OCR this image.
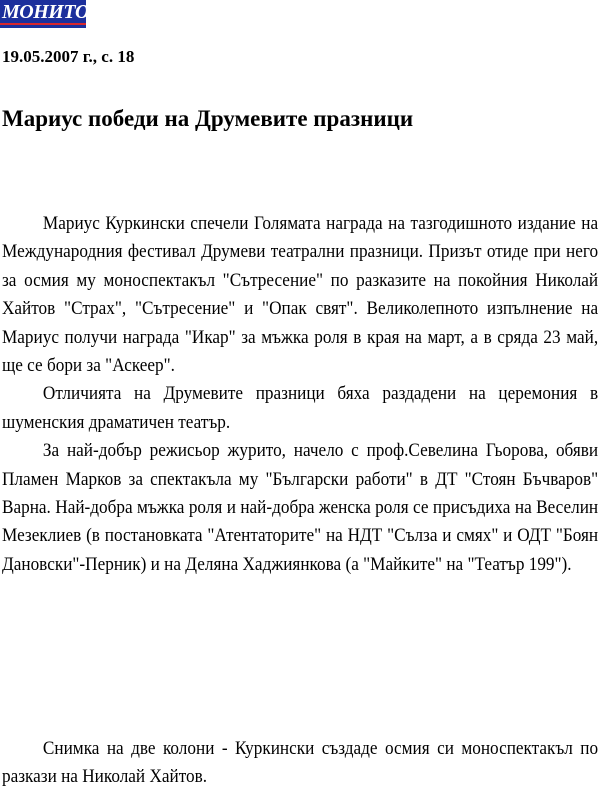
МОНИТОР
19.05.2007 г., с. 18
Мариус победи на Друмевите празници

Мариус Куркински спечели Голямата награда на тазгодишното издание на Международния фестивал Друмеви театрални празници. Призът отиде при него за осмия му моноспектакъл "Сътресение" по разказите на покойния Николай Хайтов "Страх", "Сътресение" и "Опак свят". Великолепното изпълнение на Мариус получи награда "Икар" за мъжка роля в края на март, а в сряда 23 май, ще се бори за "Аскеер".

Отличията на Друмевите празници бяха раздадени на церемония в шуменския драматичен театър.

За най-добър режисьор журито, начело с проф.Севелина Гьорова, обяви Пламен Марков за спектакъла му "Български работи" в ДТ "Стоян Бъчваров" Варна. Най-добра мъжка роля и най-добра женска роля се присъдиха на Веселин Мезеклиев (в постановката "Атентаторите" на НДТ "Сълза и смях" и ОДТ "Боян Дановски"-Перник) и на Деляна Хаджиянкова (а "Майките" на "Театър 199").

Снимка на две колони - Куркински създаде осмия си моноспектакъл по разкази на Николай Хайтов.
